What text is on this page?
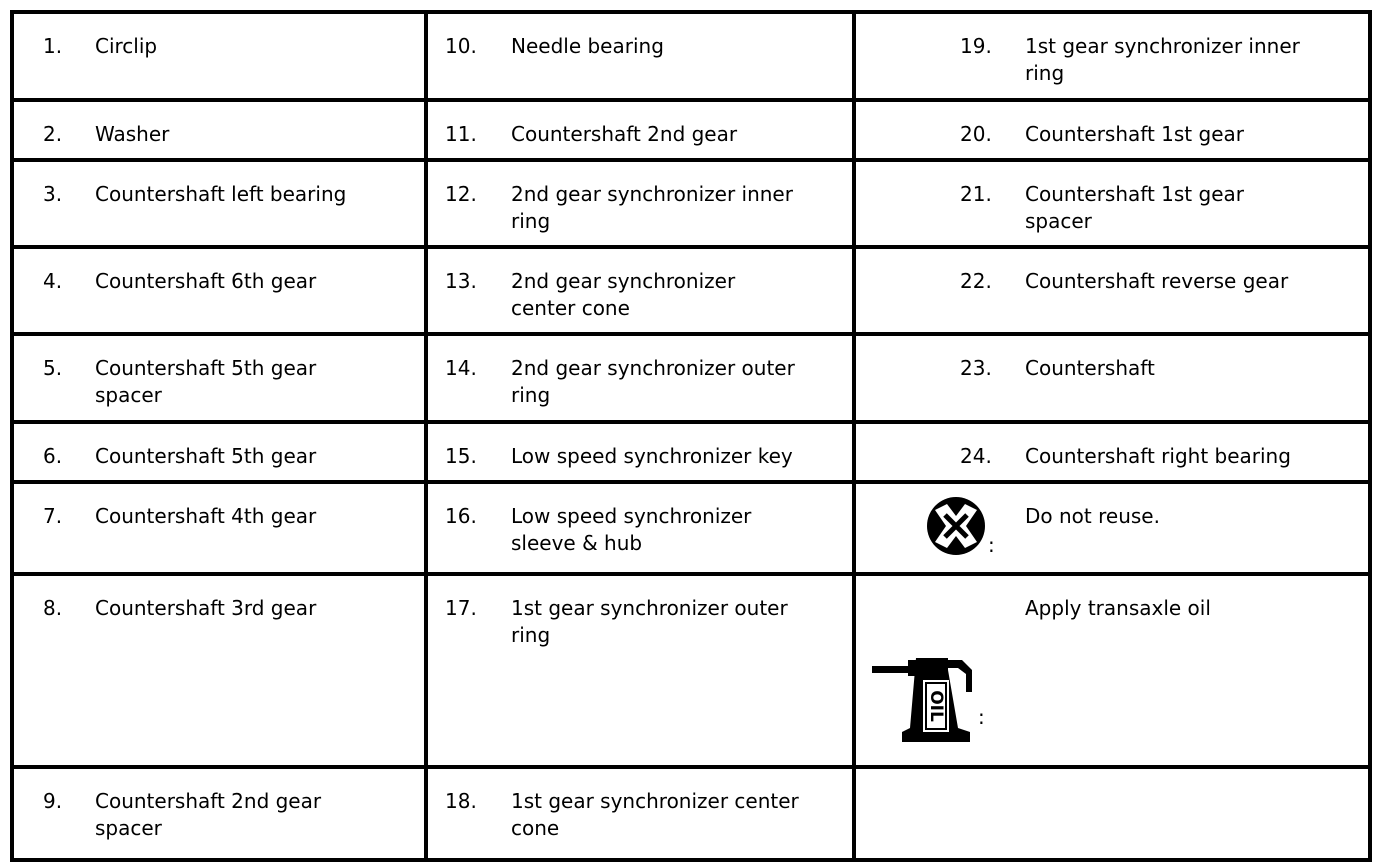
1. Circlip	10. Needle bearing	19. 1st gear synchronizer inner ring

2. Washer	11. Countershaft 2nd gear	20. Countershaft 1st gear

3. Countershaft left bearing	12. 2nd gear synchronizer inner ring	21. Countershaft 1st gear spacer

4. Countershaft 6th gear	13. 2nd gear synchronizer center cone	22. Countershaft reverse gear

5. Countershaft 5th gear spacer	14. 2nd gear synchronizer outer ring	23. Countershaft

6. Countershaft 5th gear	15. Low speed synchronizer key	24. Countershaft right bearing

7. Countershaft 4th gear	16. Low speed synchronizer sleeve & hub	:
Do not reuse.

8. Countershaft 3rd gear	17. 1st gear synchronizer outer ring	OIL :
Apply transaxle oil

9. Countershaft 2nd gear spacer	18. 1st gear synchronizer center cone	
